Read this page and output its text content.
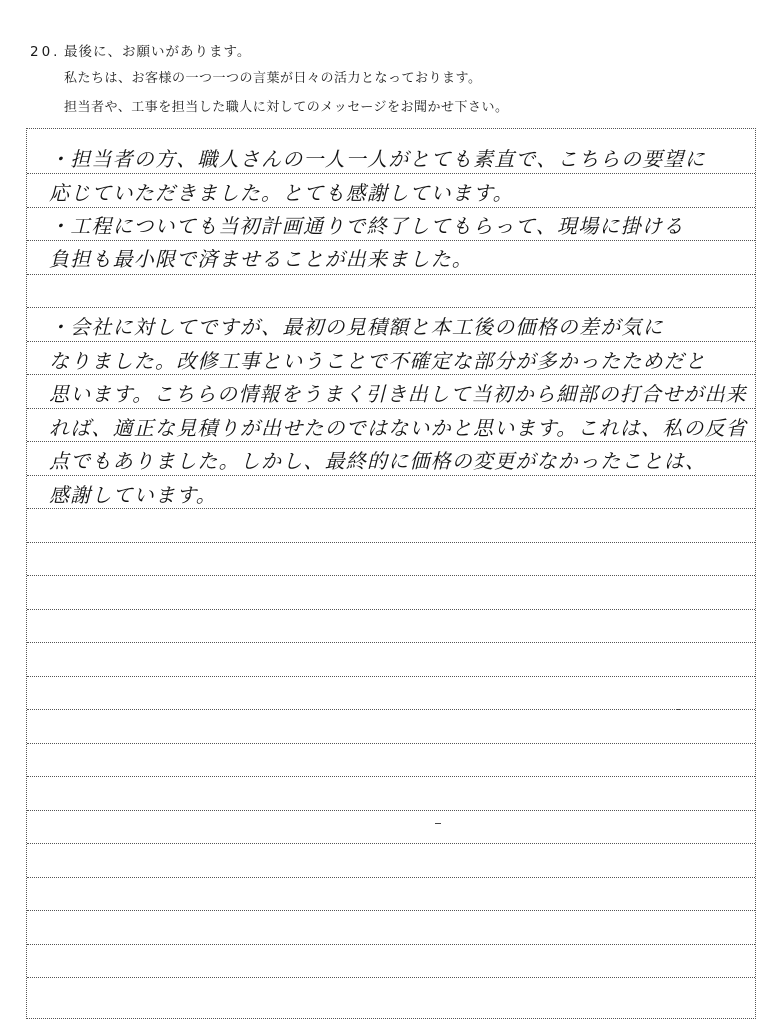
20. 最後に、お願いがあります。
私たちは、お客様の一つ一つの言葉が日々の活力となっております。
担当者や、工事を担当した職人に対してのメッセージをお聞かせ下さい。
・担当者の方、職人さんの一人一人がとても素直で、こちらの要望に
応じていただきました。とても感謝しています。
・工程についても当初計画通りで終了してもらって、現場に掛ける
負担も最小限で済ませることが出来ました。
・会社に対してですが、最初の見積額と本工後の価格の差が気に
なりました。改修工事ということで不確定な部分が多かったためだと
思います。こちらの情報をうまく引き出して当初から細部の打合せが出来
れば、適正な見積りが出せたのではないかと思います。これは、私の反省
点でもありました。しかし、最終的に価格の変更がなかったことは、
感謝しています。
